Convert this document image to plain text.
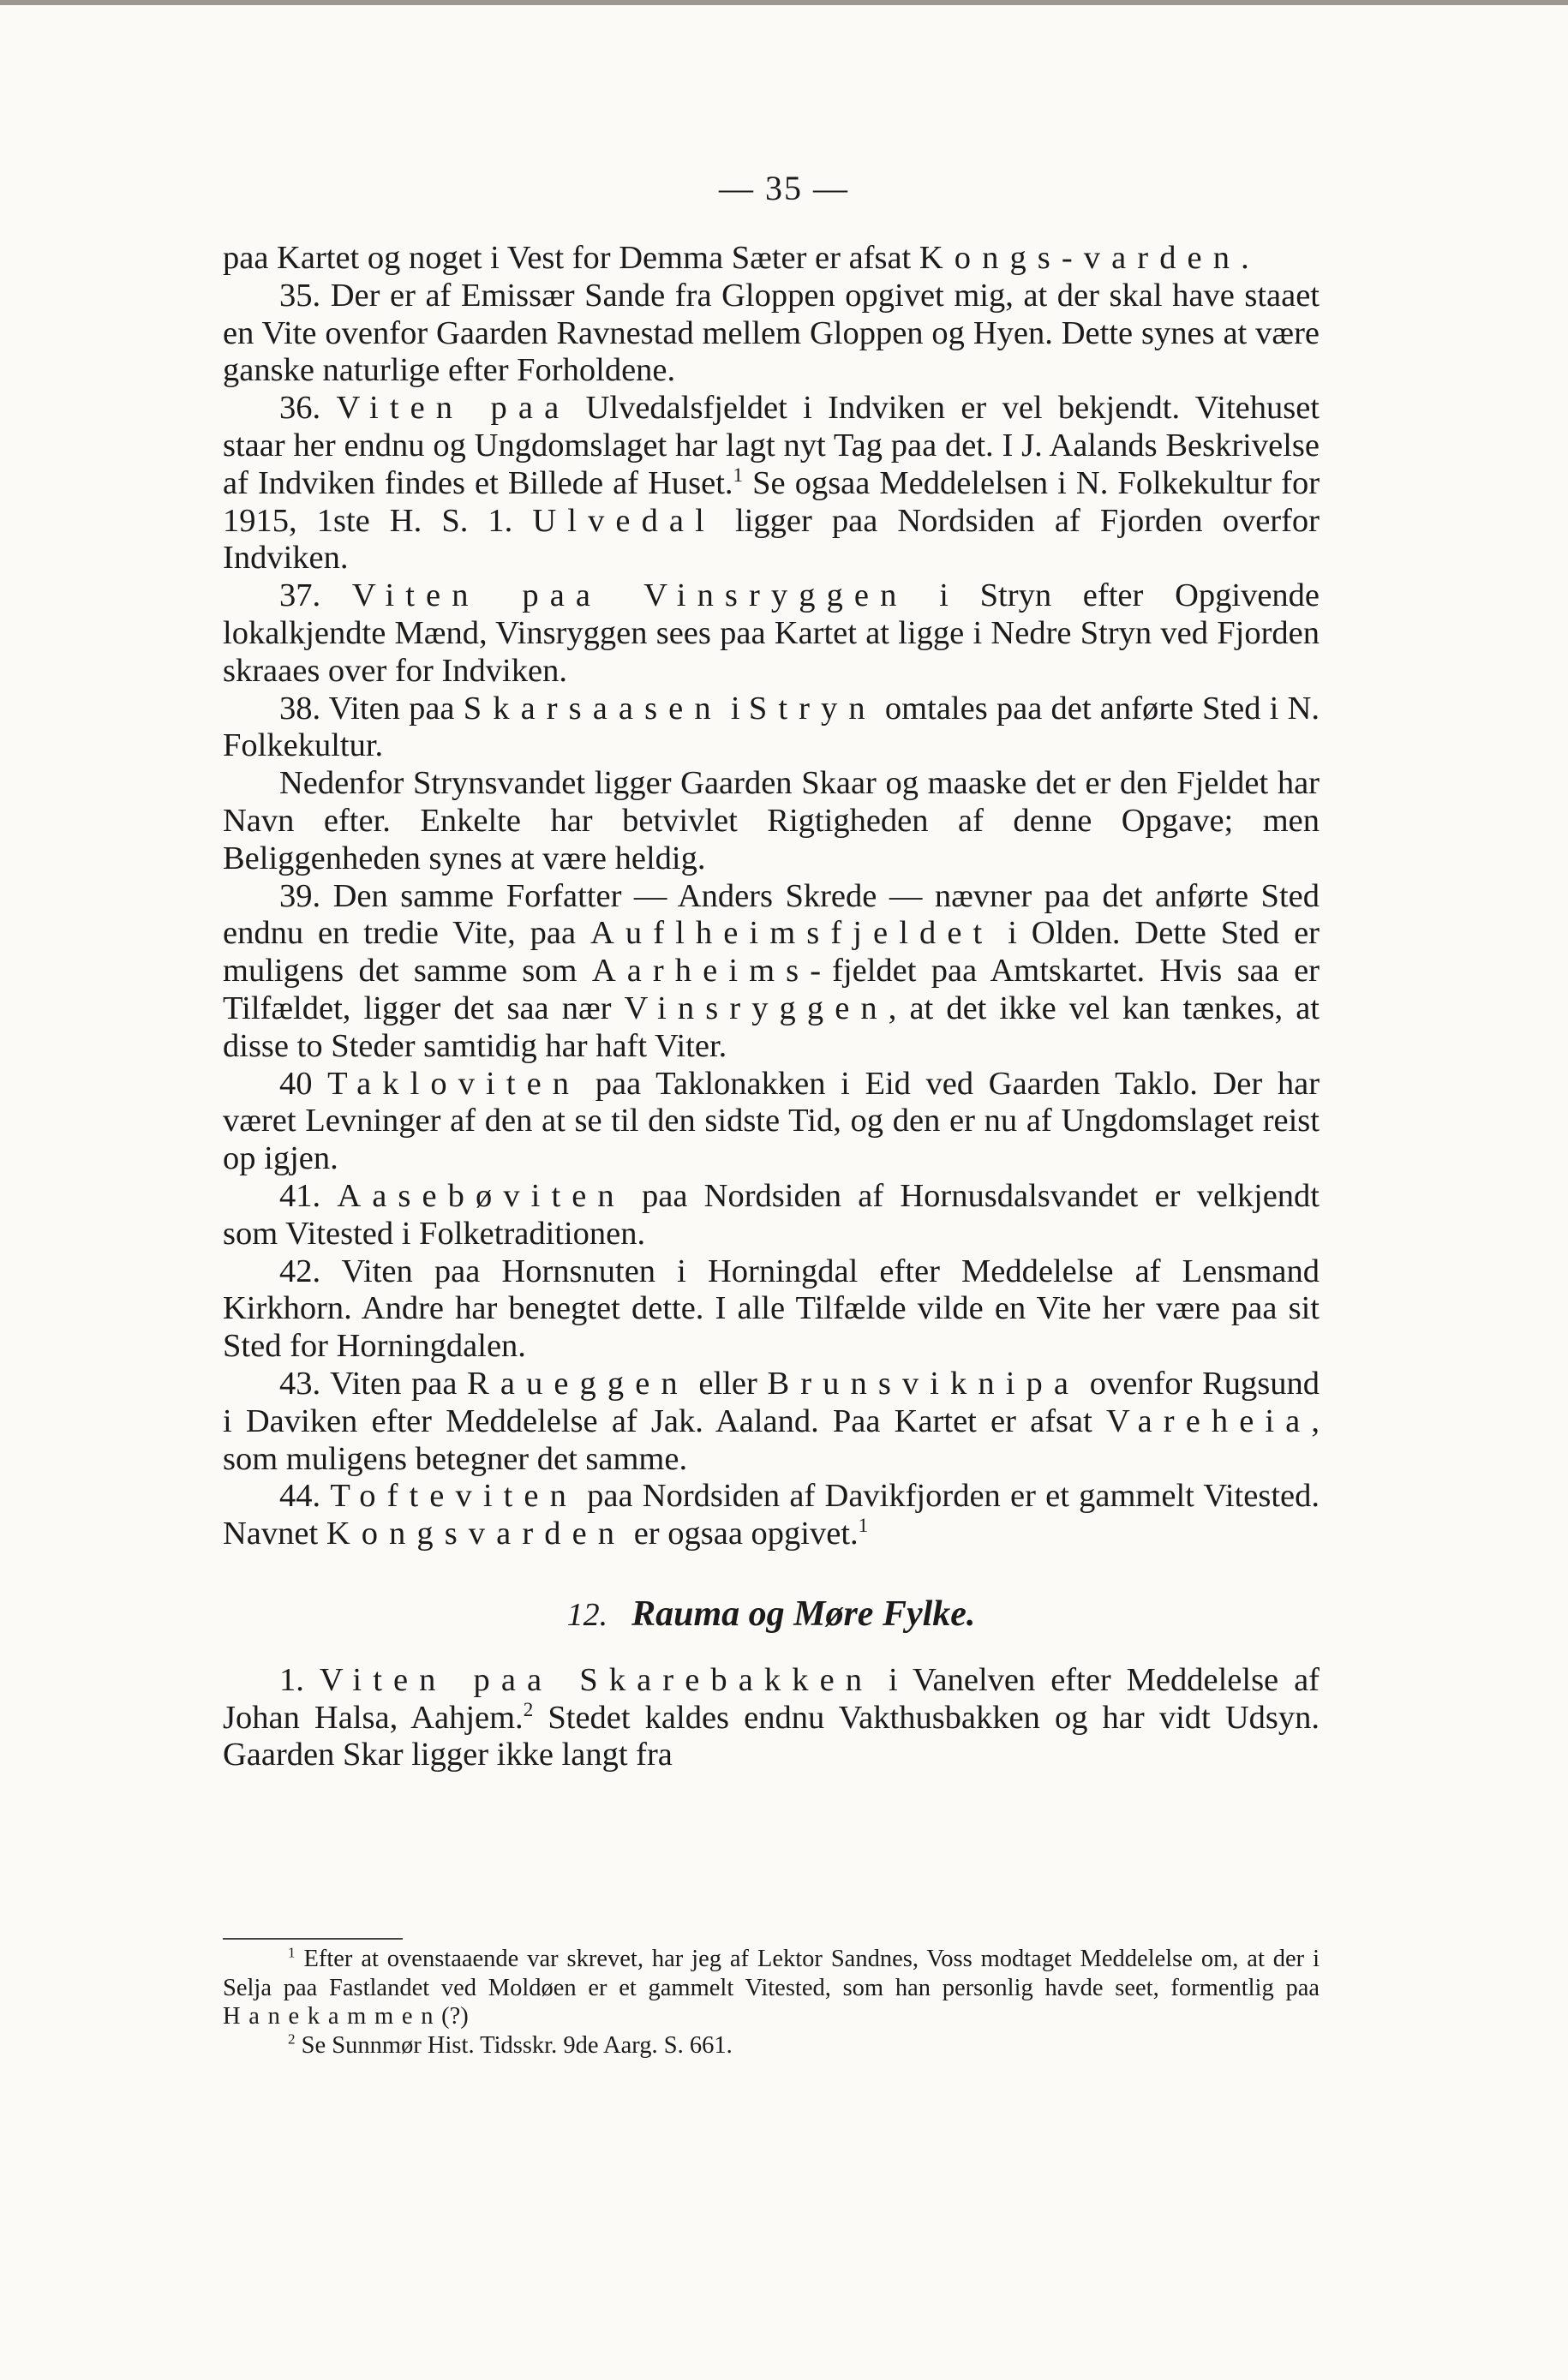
— 35 —

paa Kartet og noget i Vest for Demma Sæter er afsat Kongs-varden.

35. Der er af Emissær Sande fra Gloppen opgivet mig, at der skal have staaet en Vite ovenfor Gaarden Ravnestad mellem Gloppen og Hyen. Dette synes at være ganske naturlige efter Forholdene.

36. Viten paa Ulvedalsfjeldet i Indviken er vel bekjendt. Vitehuset staar her endnu og Ungdomslaget har lagt nyt Tag paa det. I J. Aalands Beskrivelse af Indviken findes et Billede af Huset.$^1$ Se ogsaa Meddelelsen i N. Folkekultur for 1915, 1ste H. S. 1. Ulvedal ligger paa Nordsiden af Fjorden overfor Indviken.

37. Viten paa Vinsryggen i Stryn efter Opgivende lokalkjendte Mænd, Vinsryggen sees paa Kartet at ligge i Nedre Stryn ved Fjorden skraaes over for Indviken.

38. Viten paa Skarsaasen i Stryn omtales paa det anførte Sted i N. Folkekultur.

Nedenfor Strynsvandet ligger Gaarden Skaar og maaske det er den Fjeldet har Navn efter. Enkelte har betvivlet Rigtigheden af denne Opgave; men Beliggenheden synes at være heldig.

39. Den samme Forfatter — Anders Skrede — nævner paa det anførte Sted endnu en tredie Vite, paa Auflheimsfjeldet i Olden. Dette Sted er muligens det samme som Aarheims-fjeldet paa Amtskartet. Hvis saa er Tilfældet, ligger det saa nær Vinsryggen, at det ikke vel kan tænkes, at disse to Steder samtidig har haft Viter.

40 Takloviten paa Taklonakken i Eid ved Gaarden Taklo. Der har været Levninger af den at se til den sidste Tid, og den er nu af Ungdomslaget reist op igjen.

41. Aasebøviten paa Nordsiden af Hornusdalsvandet er velkjendt som Vitested i Folketraditionen.

42. Viten paa Hornsnuten i Horningdal efter Meddelelse af Lensmand Kirkhorn. Andre har benegtet dette. I alle Tilfælde vilde en Vite her være paa sit Sted for Horningdalen.

43. Viten paa Raueggen eller Brunsviknipa ovenfor Rugsund i Daviken efter Meddelelse af Jak. Aaland. Paa Kartet er afsat Vareheia, som muligens betegner det samme.

44. Tofteviten paa Nordsiden af Davikfjorden er et gammelt Vitested. Navnet Kongsvarden er ogsaa opgivet.$^1$

12. Rauma og Møre Fylke.

1. Viten paa Skarebakken i Vanelven efter Meddelelse af Johan Halsa, Aahjem.$^2$ Stedet kaldes endnu Vakthusbakken og har vidt Udsyn. Gaarden Skar ligger ikke langt fra

$^1$ Efter at ovenstaaende var skrevet, har jeg af Lektor Sandnes, Voss modtaget Meddelelse om, at der i Selja paa Fastlandet ved Moldøen er et gammelt Vitested, som han personlig havde seet, formentlig paa Hanekammen(?)

$^2$ Se Sunnmør Hist. Tidsskr. 9de Aarg. S. 661.
